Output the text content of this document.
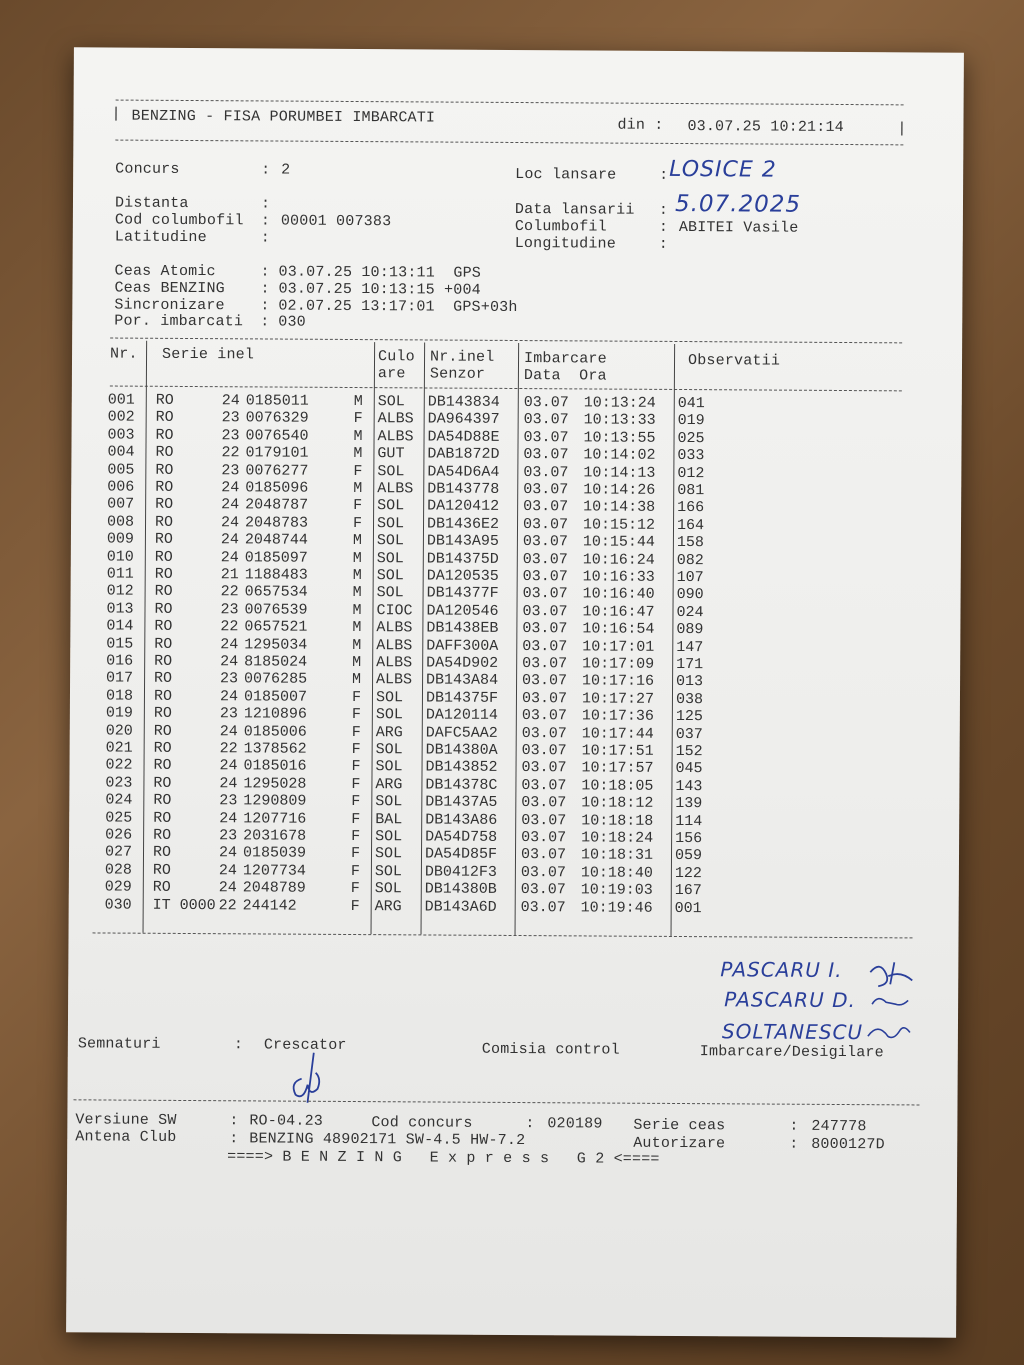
|
|
BENZING - FISA PORUMBEI IMBARCATI	din : 03.07.25 10:21:14
Concurs	: 2
Distanta	:
Cod columbofil : 00001 007383
Latitudine	:
Loc lansare	: LOSICE 2
Data lansarii : 5.07.2025
Columbofil	: ABITEI Vasile
Longitudine	:
Ceas Atomic	: 03.07.25 10:13:11  GPS
Ceas BENZING : 03.07.25 10:13:15 +004
Sincronizare : 02.07.25 13:17:01  GPS+03h
Por. imbarcati : 030
Nr. Serie inel	Culo
are
Nr.inel
Senzor
Imbarcare
Data  Ora
Observatii
001 RO	24 0185011	M SOL DB143834 03.07 10:13:24 041
002 RO	23 0076329	F ALBS DA964397 03.07 10:13:33 019
003 RO	23 0076540	M ALBS DA54D88E 03.07 10:13:55 025
004 RO	22 0179101	M GUT DAB1872D 03.07 10:14:02 033
005 RO	23 0076277	F SOL DA54D6A4 03.07 10:14:13 012
006 RO	24 0185096	M ALBS DB143778 03.07 10:14:26 081
007 RO	24 2048787	F SOL DA120412 03.07 10:14:38 166
008 RO	24 2048783	F SOL DB1436E2 03.07 10:15:12 164
009 RO	24 2048744	M SOL DB143A95 03.07 10:15:44 158
010 RO	24 0185097	M SOL DB14375D 03.07 10:16:24 082
011 RO	21 1188483	M SOL DA120535 03.07 10:16:33 107
012 RO	22 0657534	M SOL DB14377F 03.07 10:16:40 090
013 RO	23 0076539	M CIOC DA120546 03.07 10:16:47 024
014 RO	22 0657521	M ALBS DB1438EB 03.07 10:16:54 089
015 RO	24 1295034	M ALBS DAFF300A 03.07 10:17:01 147
016 RO	24 8185024	M ALBS DA54D902 03.07 10:17:09 171
017 RO	23 0076285	M ALBS DB143A84 03.07 10:17:16 013
018 RO	24 0185007	F SOL DB14375F 03.07 10:17:27 038
019 RO	23 1210896	F SOL DA120114 03.07 10:17:36 125
020 RO	24 0185006	F ARG DAFC5AA2 03.07 10:17:44 037
021 RO	22 1378562	F SOL DB14380A 03.07 10:17:51 152
022 RO	24 0185016	F SOL DB143852 03.07 10:17:57 045
023 RO	24 1295028	F ARG DB14378C 03.07 10:18:05 143
024 RO	23 1290809	F SOL DB1437A5 03.07 10:18:12 139
025 RO	24 1207716	F BAL DB143A86 03.07 10:18:18 114
026 RO	23 2031678	F SOL DA54D758 03.07 10:18:24 156
027 RO	24 0185039	F SOL DA54D85F 03.07 10:18:31 059
028 RO	24 1207734	F SOL DB0412F3 03.07 10:18:40 122
029 RO	24 2048789	F SOL DB14380B 03.07 10:19:03 167
030 IT 0000 22 244142	F ARG DB143A6D 03.07 10:19:46 001
PASCARU I.
PASCARU D.
SOLTANESCU
Semnaturi	: Crescator	Comisia control	Imbarcare/Desigilare
Versiune SW	: RO-04.23	Cod concurs	: 020189 Serie ceas	: 247778
Antena Club	: BENZING 48902171 SW-4.5 HW-7.2	Autorizare	: 8000127D
====> B E N Z I N G   E x p r e s s   G 2 <====
